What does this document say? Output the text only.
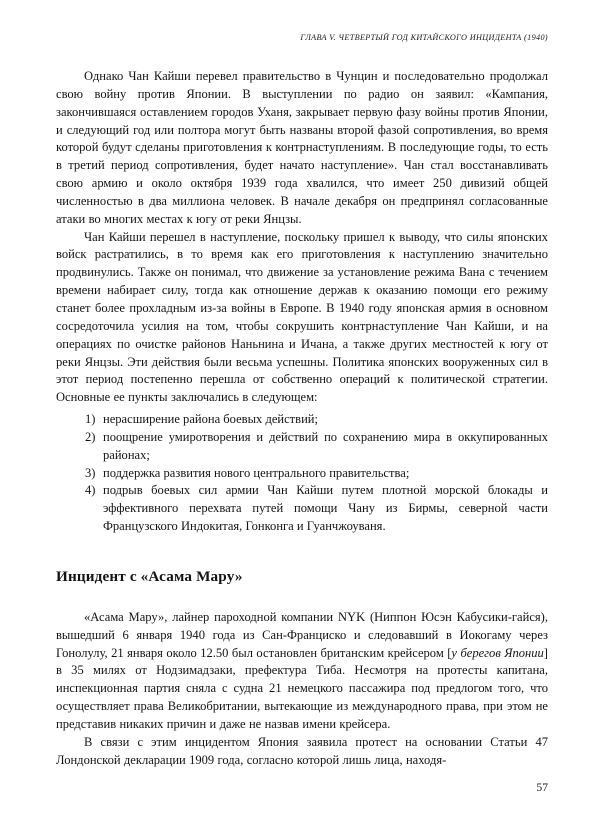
ГЛАВА V. ЧЕТВЕРТЫЙ ГОД КИТАЙСКОГО ИНЦИДЕНТА (1940)

Однако Чан Кайши перевел правительство в Чунцин и последовательно продолжал свою войну против Японии. В выступлении по радио он заявил: «Кампания, закончившаяся оставлением городов Уханя, закрывает первую фазу войны против Японии, и следующий год или полтора могут быть названы второй фазой сопротивления, во время которой будут сделаны приготовления к контрнаступлениям. В последующие годы, то есть в третий период сопротивления, будет начато наступление». Чан стал восстанавливать свою армию и около октября 1939 года хвалился, что имеет 250 дивизий общей численностью в два миллиона человек. В начале декабря он предпринял согласованные атаки во многих местах к югу от реки Янцзы.

Чан Кайши перешел в наступление, поскольку пришел к выводу, что силы японских войск растратились, в то время как его приготовления к наступлению значительно продвинулись. Также он понимал, что движение за установление режима Вана с течением времени набирает силу, тогда как отношение держав к оказанию помощи его режиму станет более прохладным из-за войны в Европе. В 1940 году японская армия в основном сосредоточила усилия на том, чтобы сокрушить контрнаступление Чан Кайши, и на операциях по очистке районов Наньнина и Ичана, а также других местностей к югу от реки Янцзы. Эти действия были весьма успешны. Политика японских вооруженных сил в этот период постепенно перешла от собственно операций к политической стратегии. Основные ее пункты заключались в следующем:

1) нерасширение района боевых действий;
2) поощрение умиротворения и действий по сохранению мира в оккупированных районах;
3) поддержка развития нового центрального правительства;
4) подрыв боевых сил армии Чан Кайши путем плотной морской блокады и эффективного перехвата путей помощи Чану из Бирмы, северной части Французского Индокитая, Гонконга и Гуанчжоуваня.
Инцидент с «Асама Мару»

«Асама Мару», лайнер пароходной компании NYK (Ниппон Юсэн Кабусики-гайся), вышедший 6 января 1940 года из Сан-Франциско и следовавший в Иокогаму через Гонолулу, 21 января около 12.50 был остановлен британским крейсером [у берегов Японии] в 35 милях от Нодзимадзаки, префектура Тиба. Несмотря на протесты капитана, инспекционная партия сняла с судна 21 немецкого пассажира под предлогом того, что осуществляет права Великобритании, вытекающие из международного права, при этом не представив никаких причин и даже не назвав имени крейсера.

В связи с этим инцидентом Япония заявила протест на основании Статьи 47 Лондонской декларации 1909 года, согласно которой лишь лица, находя-

57
